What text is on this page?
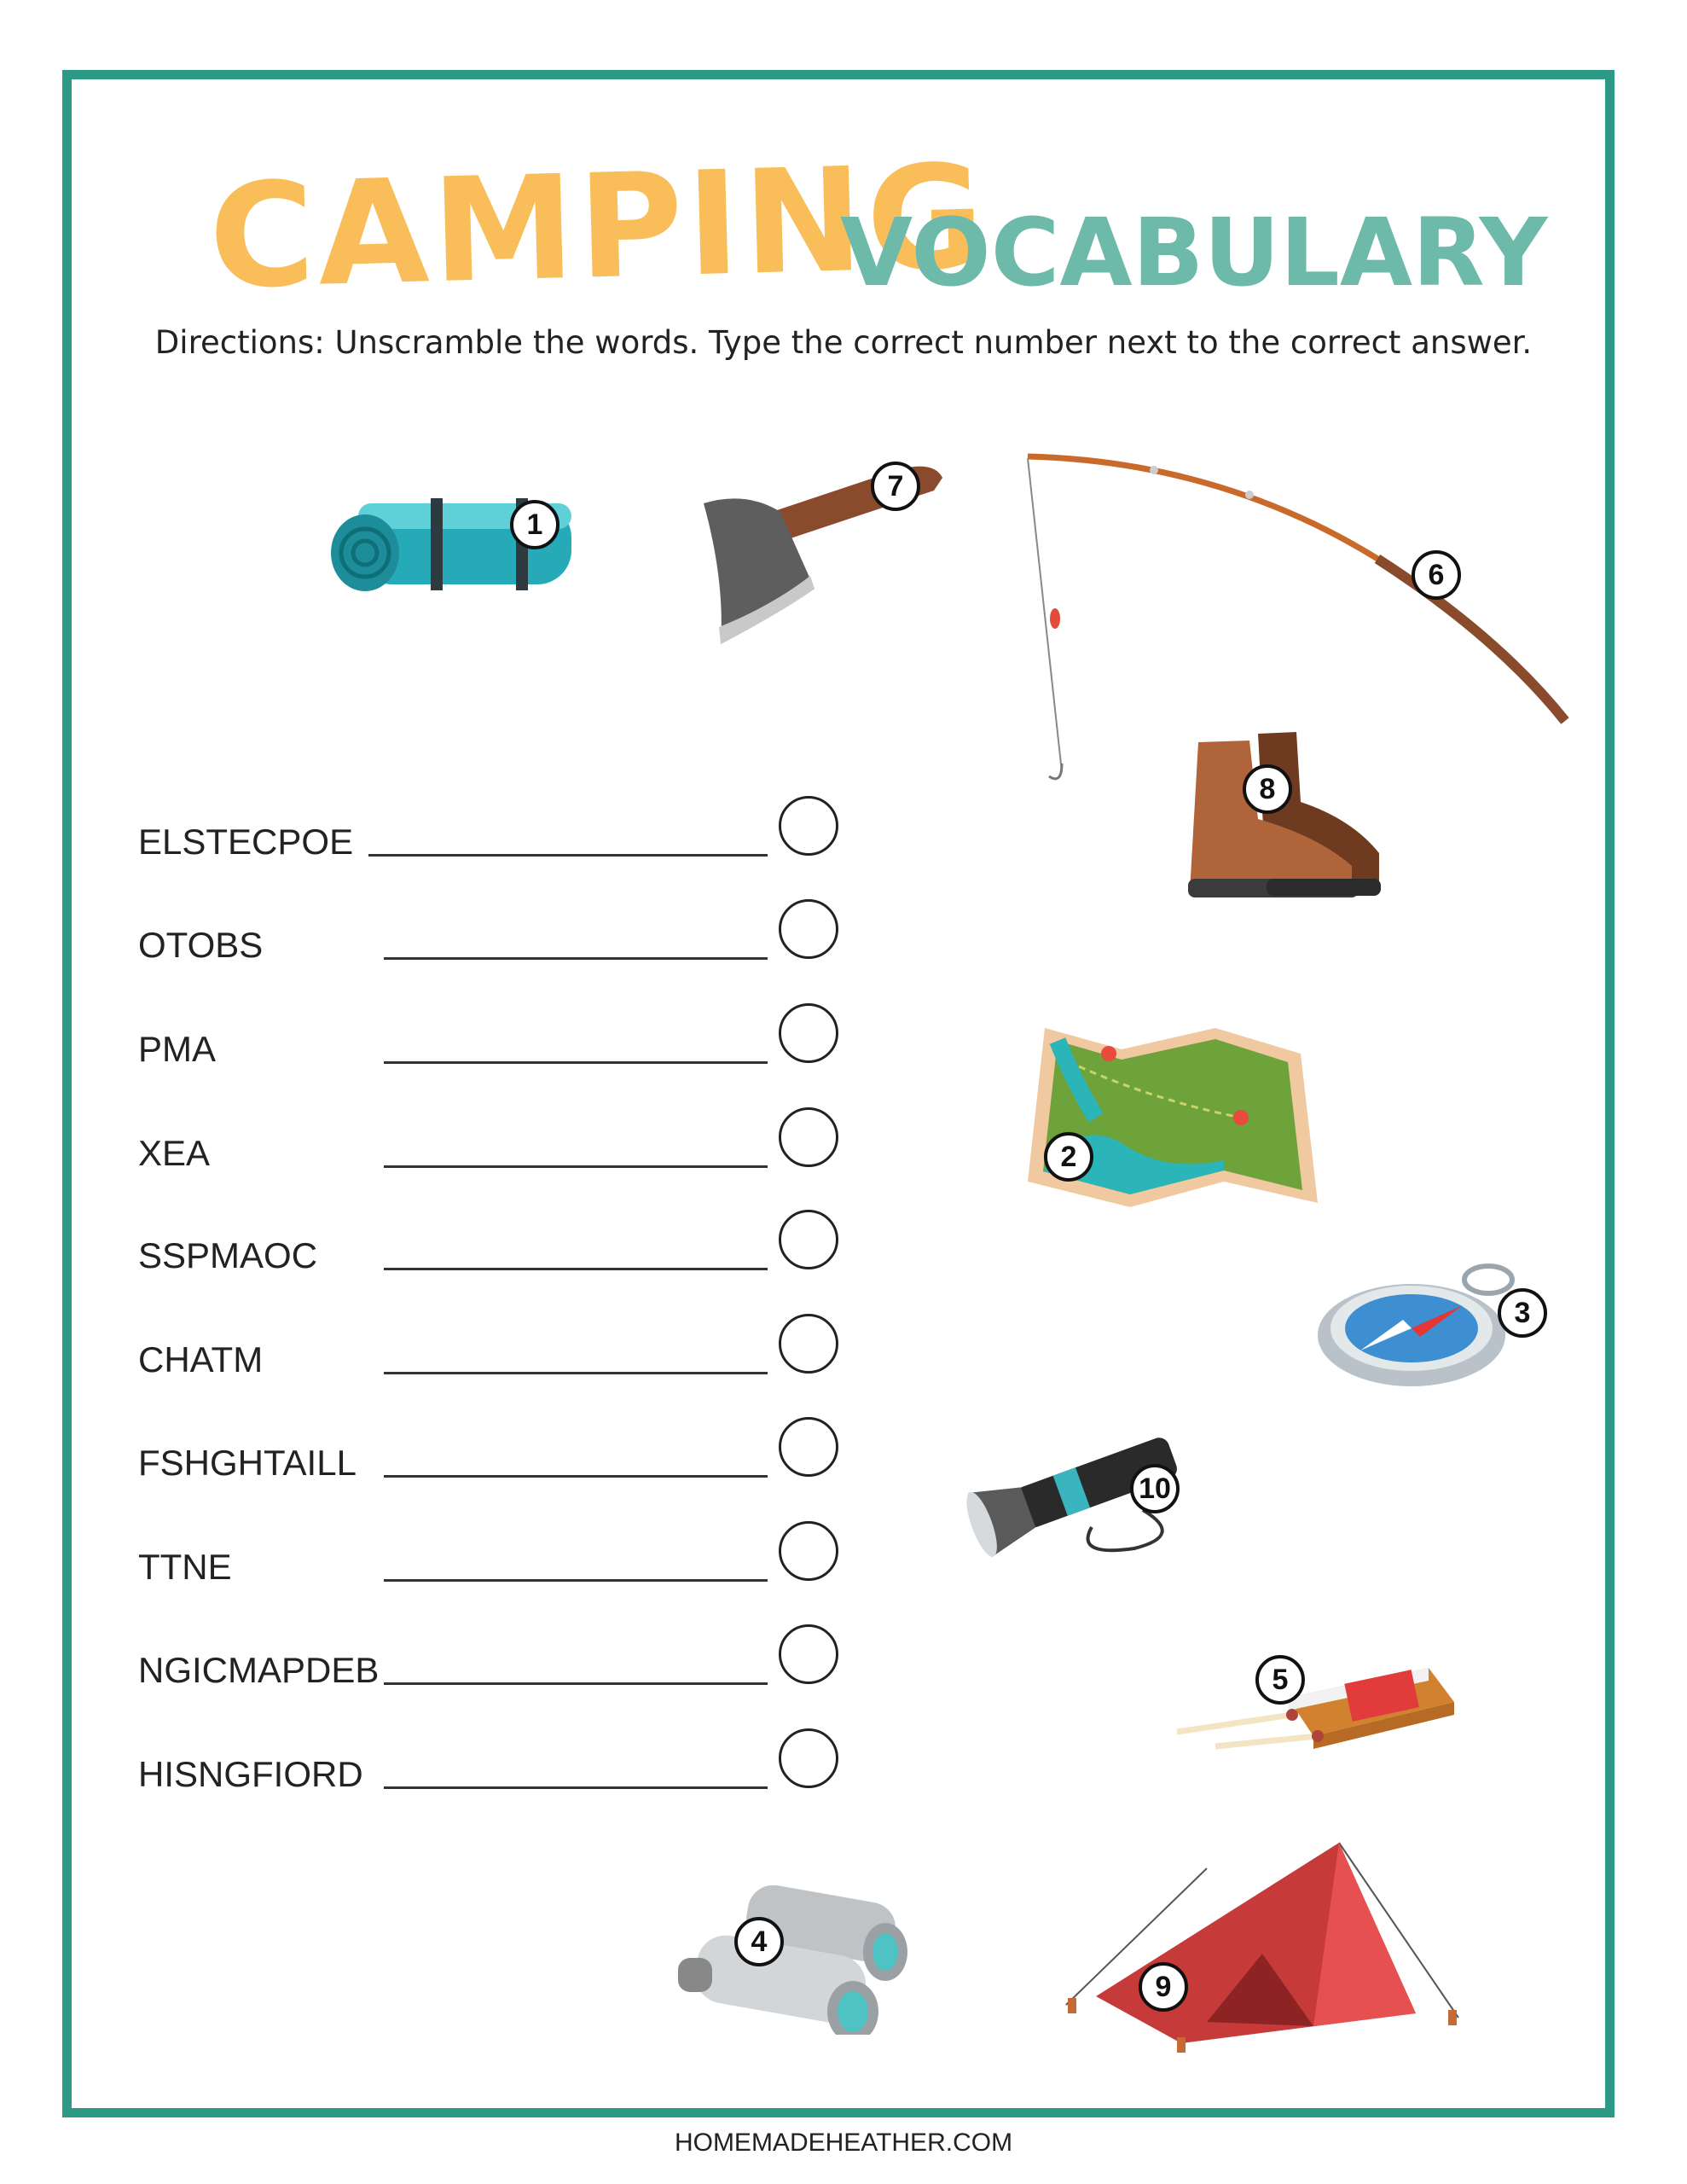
CAMPING
VOCABULARY
Directions: Unscramble the words. Type the correct number next to the correct answer.
ELSTECPOE
OTOBS
PMA
XEA
SSPMAOC
CHATM
FSHGHTAILL
TTNE
NGICMAPDEB
HISNGFIORD
1
7
6
8
2
3
10
5
4
9
HOMEMADEHEATHER.COM
